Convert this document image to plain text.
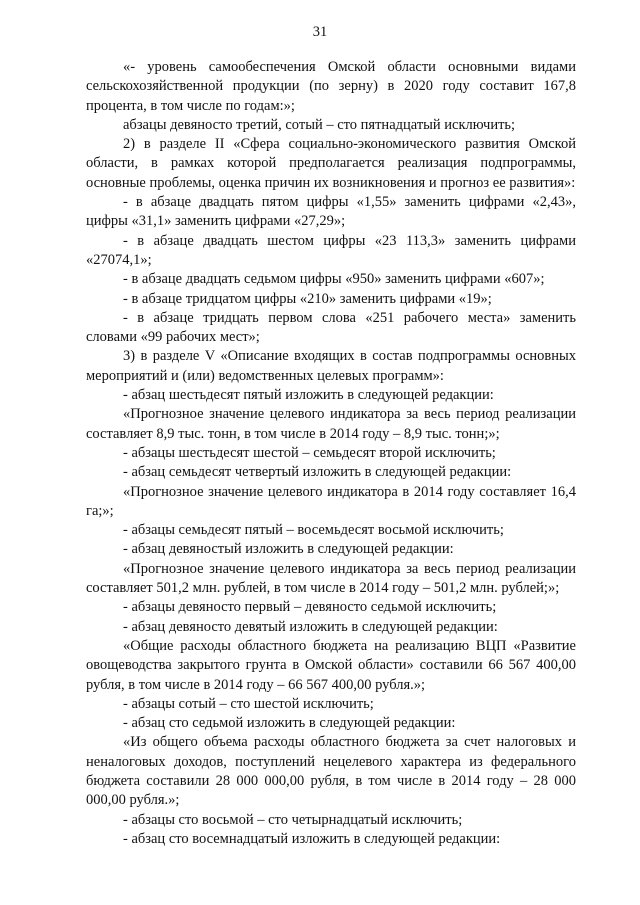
31

«- уровень самообеспечения Омской области основными видами сельскохозяйственной продукции (по зерну) в 2020 году составит 167,8 процента, в том числе по годам:»;

абзацы девяносто третий, сотый – сто пятнадцатый исключить;

2) в разделе II «Сфера социально-экономического развития Омской области, в рамках которой предполагается реализация подпрограммы, основные проблемы, оценка причин их возникновения и прогноз ее развития»:

- в абзаце двадцать пятом цифры «1,55» заменить цифрами «2,43», цифры «31,1» заменить цифрами «27,29»;

- в абзаце двадцать шестом цифры «23 113,3» заменить цифрами «27074,1»;

- в абзаце двадцать седьмом цифры «950» заменить цифрами «607»;

- в абзаце тридцатом цифры «210» заменить цифрами «19»;

- в абзаце тридцать первом слова «251 рабочего места» заменить словами «99 рабочих мест»;

3) в разделе V «Описание входящих в состав подпрограммы основных мероприятий и (или) ведомственных целевых программ»:

- абзац шестьдесят пятый изложить в следующей редакции:

«Прогнозное значение целевого индикатора за весь период реализации составляет 8,9 тыс. тонн, в том числе в 2014 году – 8,9 тыс. тонн;»;

- абзацы шестьдесят шестой – семьдесят второй исключить;

- абзац семьдесят четвертый изложить в следующей редакции:

«Прогнозное значение целевого индикатора в 2014 году составляет 16,4 га;»;

- абзацы семьдесят пятый – восемьдесят восьмой исключить;

- абзац девяностый изложить в следующей редакции:

«Прогнозное значение целевого индикатора за весь период реализации составляет 501,2 млн. рублей, в том числе в 2014 году – 501,2 млн. рублей;»;

- абзацы девяносто первый – девяносто седьмой исключить;

- абзац девяносто девятый изложить в следующей редакции:

«Общие расходы областного бюджета на реализацию ВЦП «Развитие овощеводства закрытого грунта в Омской области» составили 66 567 400,00 рубля, в том числе в 2014 году – 66 567 400,00 рубля.»;

- абзацы сотый – сто шестой исключить;

- абзац сто седьмой изложить в следующей редакции:

«Из общего объема расходы областного бюджета за счет налоговых и неналоговых доходов, поступлений нецелевого характера из федерального бюджета составили 28 000 000,00 рубля, в том числе в 2014 году – 28 000 000,00 рубля.»;

- абзацы сто восьмой – сто четырнадцатый исключить;

- абзац сто восемнадцатый изложить в следующей редакции:
